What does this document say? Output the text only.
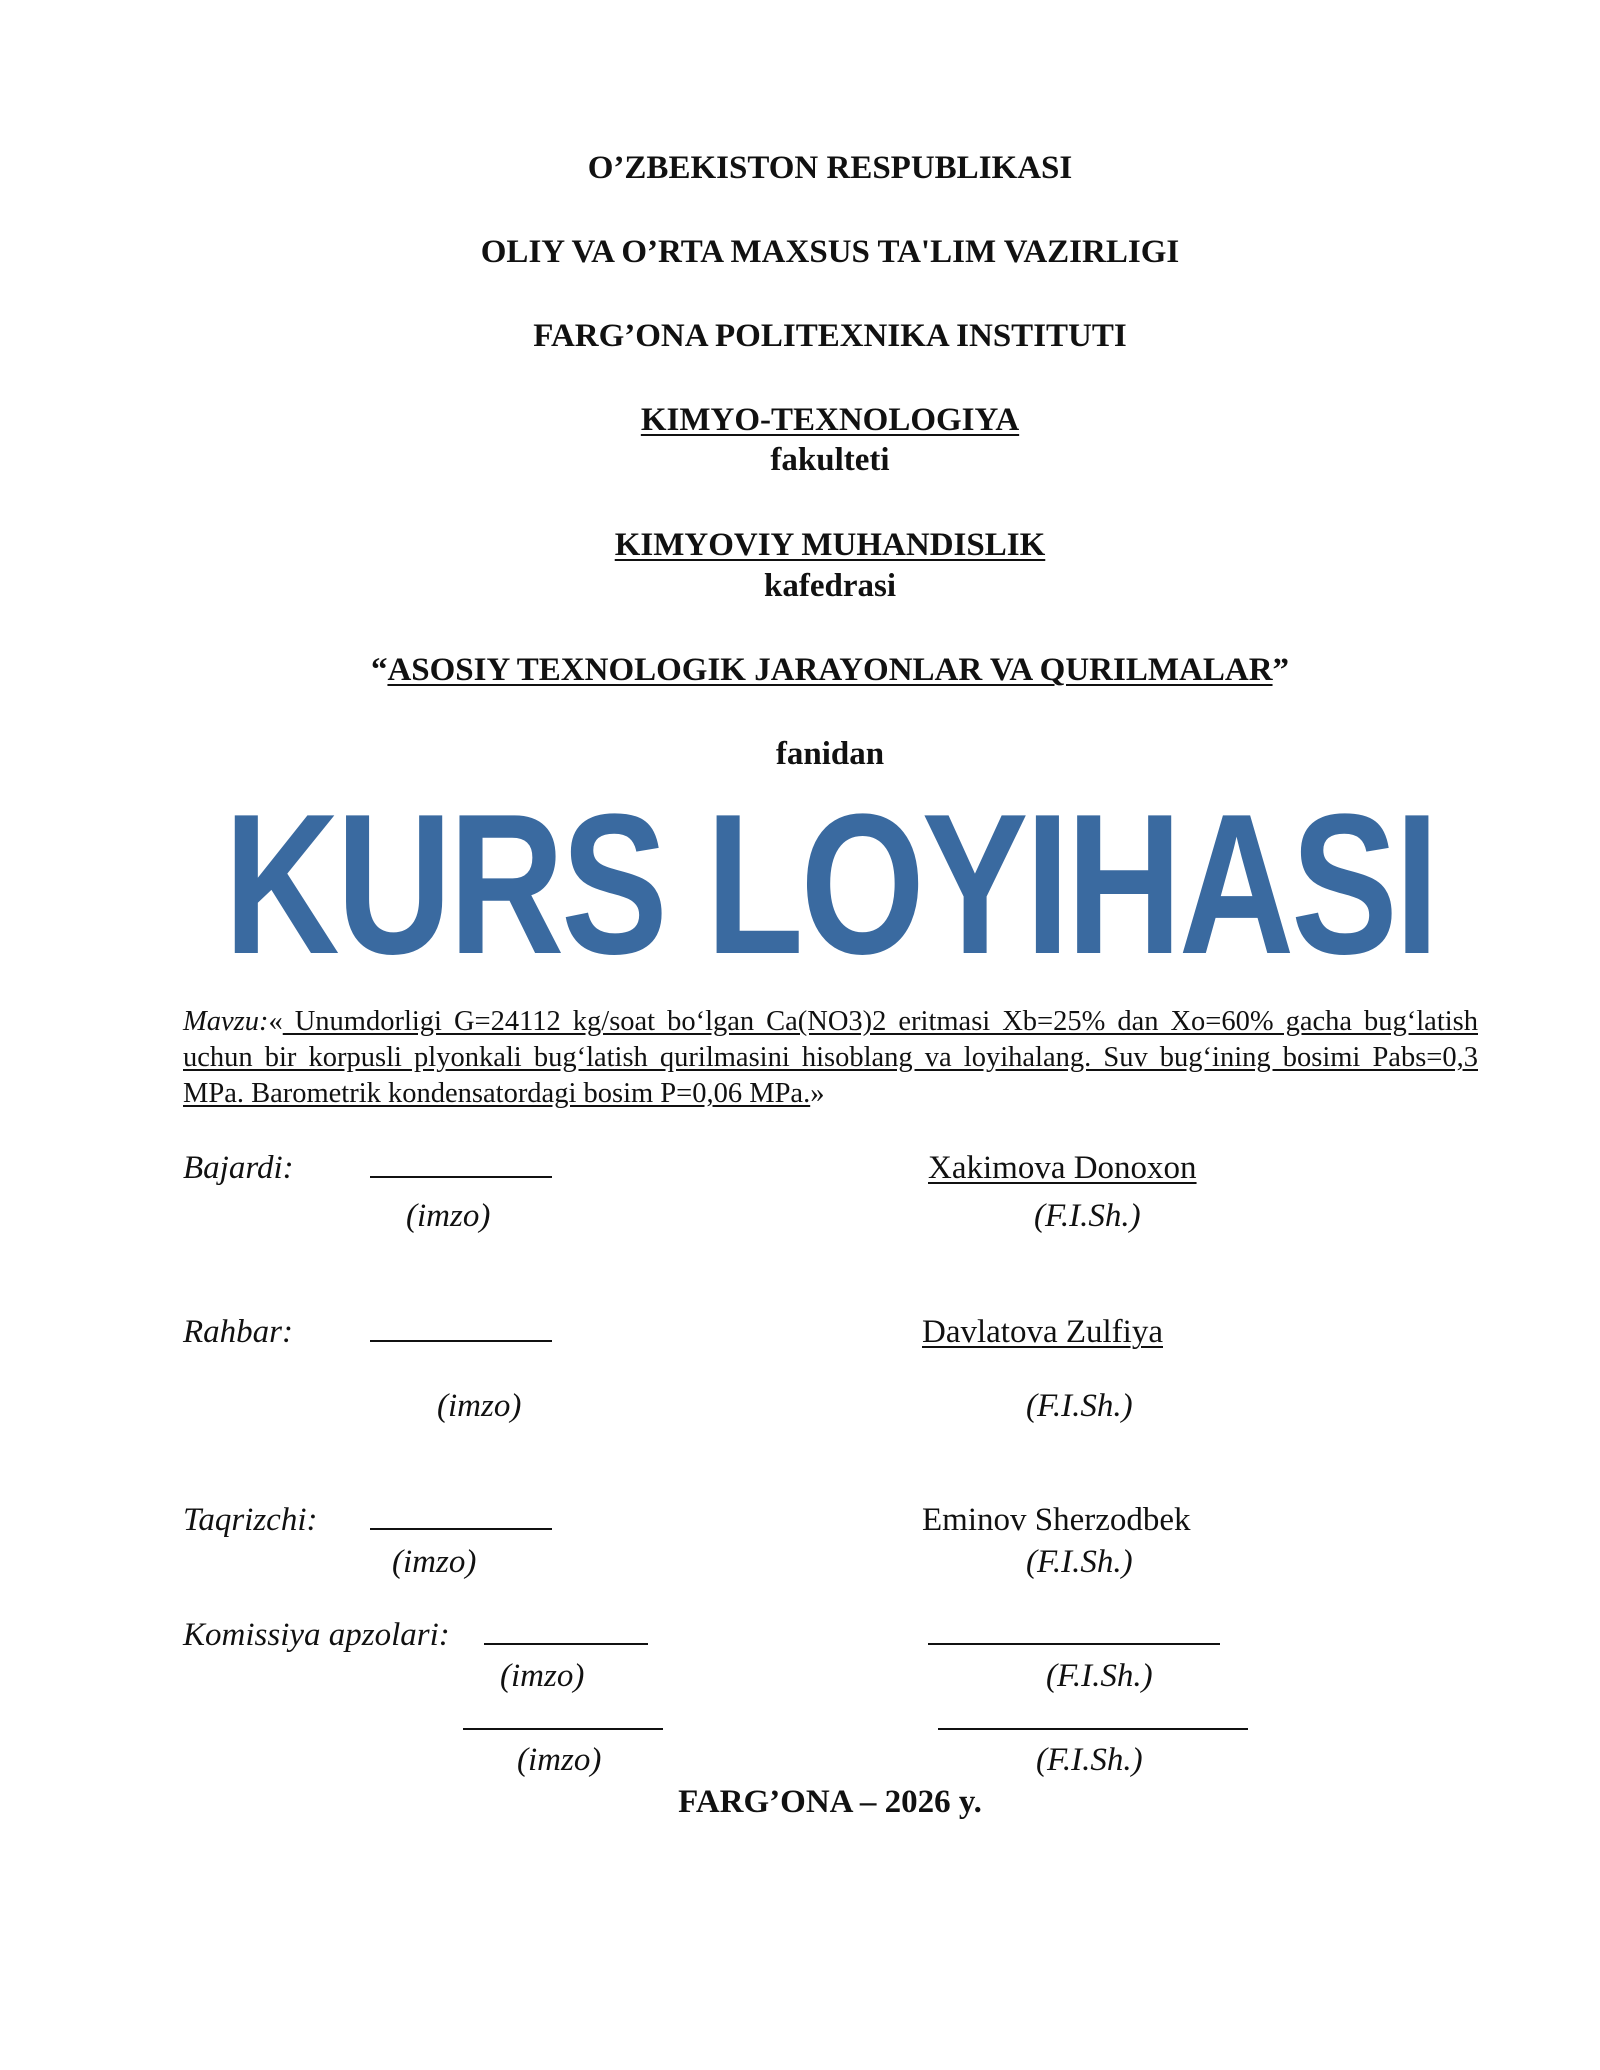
O’ZBEKISTON RESPUBLIKASI
OLIY VA O’RTA MAXSUS TA'LIM VAZIRLIGI
FARG’ONA POLITEXNIKA INSTITUTI
KIMYO-TEXNOLOGIYA
fakulteti
KIMYOVIY MUHANDISLIK
kafedrasi
“ASOSIY TEXNOLOGIK JARAYONLAR VA QURILMALAR”
fanidan
KURS LOYIHASI
Mavzu:« Unumdorligi G=24112 kg/soat bo‘lgan Ca(NO3)2 eritmasi Xb=25% dan Xo=60% gacha bug‘latish uchun bir korpusli plyonkali bug‘latish qurilmasini hisoblang va loyihalang. Suv bug‘ining bosimi Pabs=0,3 MPa. Barometrik kondensatordagi bosim P=0,06 MPa.»
Bajardi:	Xakimova Donoxon
(imzo)	(F.I.Sh.)
Rahbar:	Davlatova Zulfiya
(imzo)	(F.I.Sh.)
Taqrizchi:	Eminov Sherzodbek
(imzo)	(F.I.Sh.)
Komissiya apzolari:
(imzo)	(F.I.Sh.)
(imzo)	(F.I.Sh.)
FARG’ONA – 2026 y.
